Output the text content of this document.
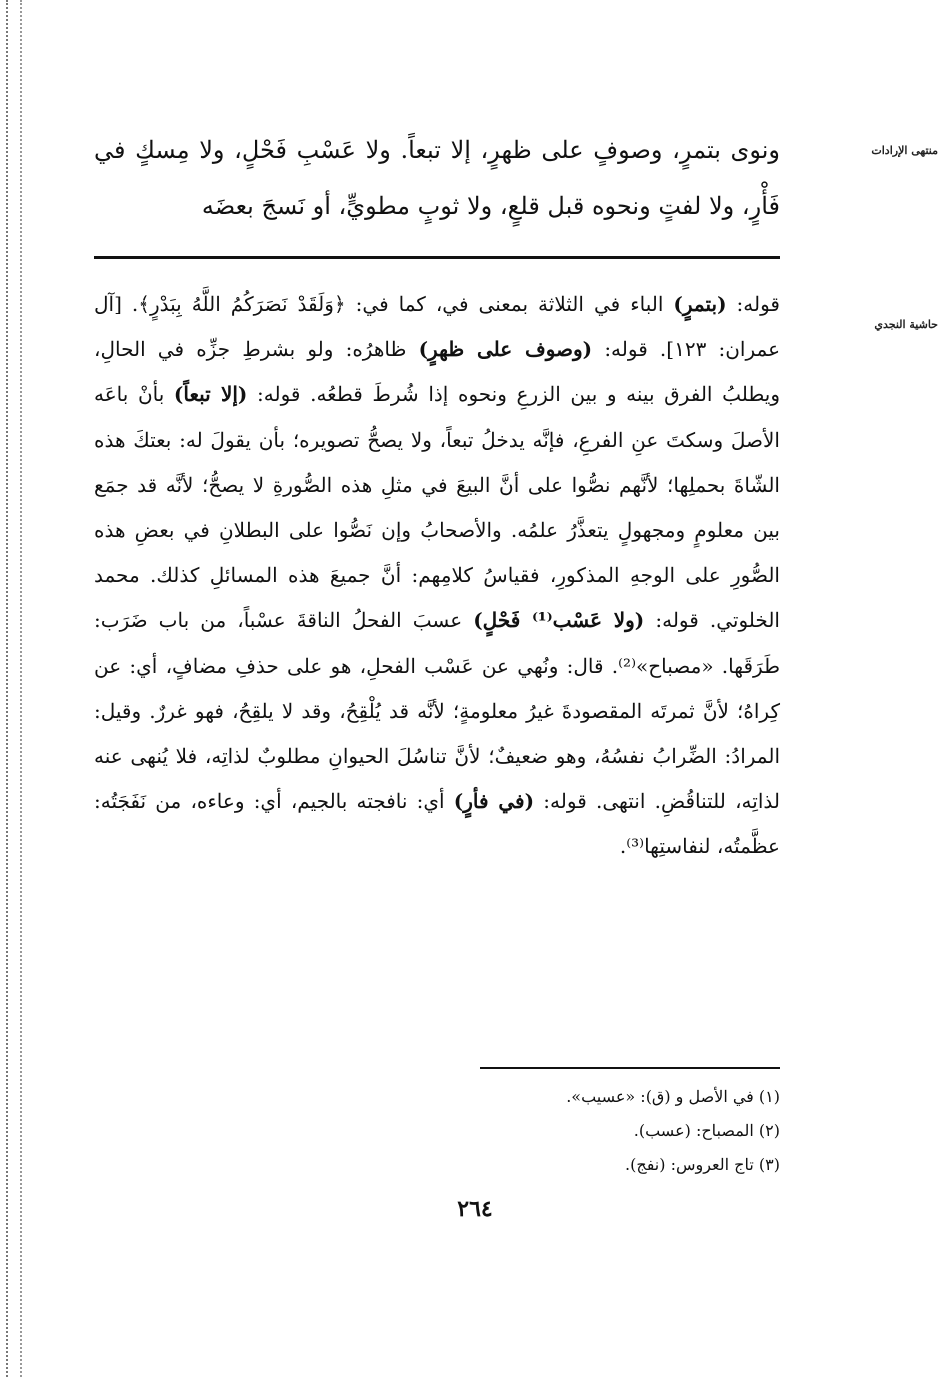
منتهى الإرادات
حاشية النجدي
ونوى بتمرٍ، وصوفٍ على ظهرٍ، إلا تبعاً. ولا عَسْبِ فَحْلٍ، ولا مِسكٍ في فَأْرٍ، ولا لفتٍ ونحوه قبل قلعٍ، ولا ثوبٍ مطويٍّ، أو نَسجَ بعضَه
قوله: (بتمرٍ) الباء في الثلاثة بمعنى في، كما في: ﴿وَلَقَدْ نَصَرَكُمُ اللَّهُ بِبَدْرٍ﴾. [آل عمران: ١٢٣]. قوله: (وصوف على ظهرٍ) ظاهرُه: ولو بشرطِ جزِّه في الحالِ، ويطلبُ الفرق بينه و بين الزرعِ ونحوه إذا شُرطَ قطعُه. قوله: (إلا تبعاً) بأنْ باعَه الأصلَ وسكتَ عنِ الفرعِ، فإنَّه يدخلُ تبعاً، ولا يصحُّ تصويره؛ بأن يقولَ له: بعتكَ هذه الشّاةَ بحملِها؛ لأنَّهم نصُّوا على أنَّ البيعَ في مثلِ هذه الصُّورةِ لا يصحُّ؛ لأنَّه قد جمَع بين معلومٍ ومجهولٍ يتعذَّرُ علمُه. والأصحابُ وإن نَصُّوا على البطلانِ في بعضِ هذه الصُّورِ على الوجهِ المذكورِ، فقياسُ كلامِهم: أنَّ جميعَ هذه المسائلِ كذلك. محمد الخلوتي. قوله: (ولا عَسْب⁽¹⁾ فَحْلٍ) عسبَ الفحلُ الناقةَ عسْباً، من باب ضَرَب: طَرَقَها. «مصباح»⁽²⁾. قال: ونُهي عن عَسْب الفحلِ، هو على حذفِ مضافٍ، أي: عن كِراهُ؛ لأنَّ ثمرتَه المقصودةَ غيرُ معلومةٍ؛ لأنَّه قد يُلْقِحُ، وقد لا يلقِحُ، فهو غررٌ. وقيل: المرادُ: الضِّرابُ نفسُهُ، وهو ضعيفٌ؛ لأنَّ تناسُلَ الحيوانِ مطلوبٌ لذاتِه، فلا يُنهى عنه لذاتِه، للتناقُضِ. انتهى. قوله: (في فأرٍ) أي: نافجته بالجيم، أي: وعاءه، من نَفَجَتُه: عظَّمتُه، لنفاستِها⁽³⁾.
(١) في الأصل و (ق): «عسيب».
(٢) المصباح: (عسب).
(٣) تاج العروس: (نفج).
٢٦٤
